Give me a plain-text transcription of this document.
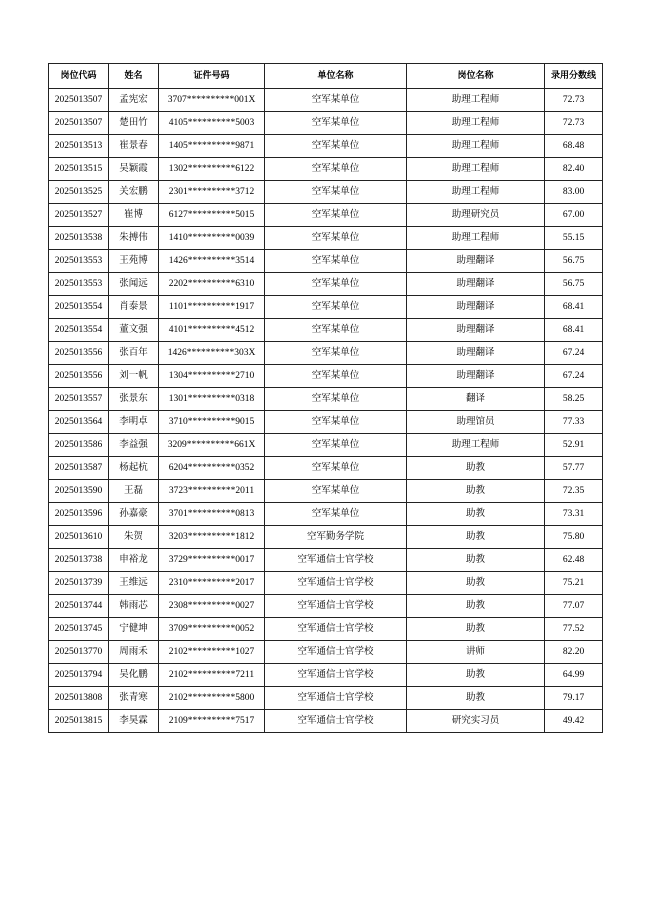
岗位代码	姓名	证件号码	单位名称	岗位名称	录用分数线
2025013507	孟宪宏	3707**********001X	空军某单位	助理工程师	72.73
2025013507	楚田竹	4105**********5003	空军某单位	助理工程师	72.73
2025013513	崔景春	1405**********9871	空军某单位	助理工程师	68.48
2025013515	吴颖霞	1302**********6122	空军某单位	助理工程师	82.40
2025013525	关宏鹏	2301**********3712	空军某单位	助理工程师	83.00
2025013527	崔博	6127**********5015	空军某单位	助理研究员	67.00
2025013538	朱搏伟	1410**********0039	空军某单位	助理工程师	55.15
2025013553	王苑博	1426**********3514	空军某单位	助理翻译	56.75
2025013553	张闻远	2202**********6310	空军某单位	助理翻译	56.75
2025013554	肖泰景	1101**********1917	空军某单位	助理翻译	68.41
2025013554	董文强	4101**********4512	空军某单位	助理翻译	68.41
2025013556	张百年	1426**********303X	空军某单位	助理翻译	67.24
2025013556	刘一帆	1304**********2710	空军某单位	助理翻译	67.24
2025013557	张景东	1301**********0318	空军某单位	翻译	58.25
2025013564	李明卓	3710**********9015	空军某单位	助理馆员	77.33
2025013586	李益强	3209**********661X	空军某单位	助理工程师	52.91
2025013587	杨起杭	6204**********0352	空军某单位	助教	57.77
2025013590	王磊	3723**********2011	空军某单位	助教	72.35
2025013596	孙嘉豪	3701**********0813	空军某单位	助教	73.31
2025013610	朱贺	3203**********1812	空军勤务学院	助教	75.80
2025013738	申裕龙	3729**********0017	空军通信士官学校	助教	62.48
2025013739	王维远	2310**********2017	空军通信士官学校	助教	75.21
2025013744	韩雨芯	2308**********0027	空军通信士官学校	助教	77.07
2025013745	宁健坤	3709**********0052	空军通信士官学校	助教	77.52
2025013770	周雨禾	2102**********1027	空军通信士官学校	讲师	82.20
2025013794	吴化鹏	2102**********7211	空军通信士官学校	助教	64.99
2025013808	张青寒	2102**********5800	空军通信士官学校	助教	79.17
2025013815	李昊霖	2109**********7517	空军通信士官学校	研究实习员	49.42
